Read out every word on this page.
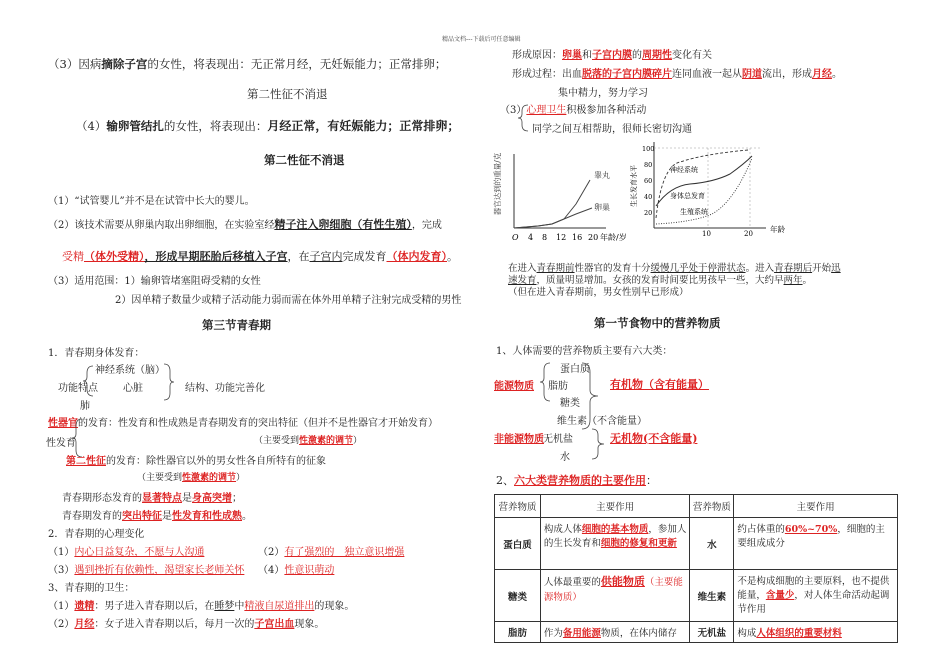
精品文档---下载后可任意编辑
（3）因病摘除子宫的女性，将表现出：无正常月经，无妊娠能力；正常排卵；
第二性征不消退
（4）输卵管结扎的女性，将表现出：月经正常，有妊娠能力；正常排卵；
第二性征不消退
（1）“试管婴儿”并不是在试管中长大的婴儿。
（2）该技术需要从卵巢内取出卵细胞，在实验室经精子注入卵细胞（有性生殖），完成
受精（体外受精），形成早期胚胎后移植入子宫，在子宫内完成发育（体内发育）。
（3）适用范围：1）输卵管堵塞阻碍受精的女性
2）因单精子数量少或精子活动能力弱而需在体外用单精子注射完成受精的男性
第三节青春期
1．青春期身体发育：
神经系统（脑）
功能特点	心脏	结构、功能完善化
肺
性器官的发育：性发育和性成熟是青春期发育的突出特征（但并不是性器官才开始发育）
性发育	（主要受到性激素的调节）
第二性征的发育：除性器官以外的男女性各自所特有的征象
（主要受到性激素的调节）
青春期形态发育的显著特点是身高突增；
青春期发育的突出特征是性发育和性成熟。
2．青春期的心理变化
（1）内心日益复杂，不愿与人沟通	（2）有了强烈的　独立意识增强
（3）遇到挫折有依赖性，渴望家长老师关怀 （4）性意识萌动
3、青春期的卫生：
（1）遗精：男子进入青春期以后，在睡梦中精液自尿道排出的现象。
（2）月经：女子进入青春期以后，每月一次的子宫出血现象。
形成原因：卵巢和子宫内膜的周期性变化有关
形成过程：出血脱落的子宫内膜碎片连同血液一起从阴道流出，形成月经。
集中精力，努力学习
（3）心理卫生积极参加各种活动
同学之间互相帮助，很师长密切沟通
器官达到的重量/克	睾丸
卵巢
O 4 8 12 16 20 年龄/岁
生长发育水平
100
80
60
40
20
神经系统
身体总发育
生殖系统
10	20 年龄
在进入青春期前性器官的发育十分缓慢几乎处于停滞状态。进入青春期后开始迅
速发育，质量明显增加。女孩的发育时间要比男孩早一些，大约早两年。
（但在进入青春期前，男女性别早已形成）
第一节食物中的营养物质
1、人体需要的营养物质主要有六大类：
蛋白质
脂肪
糖类
维生素（不含能量）
无机盐
水
能源物质
非能源物质
有机物（含有能量）
无机物(不含能量)
2、六大类营养物质的主要作用：
营养物质	主要作用	营养物质	主要作用
蛋白质	构成人体细胞的基本物质，参加人的生长发育和细胞的修复和更新	水	约占体重的60%~70%，细胞的主要组成成分
糖类	人体最重要的供能物质（主要能源物质）	维生素	不是构成细胞的主要原料，也不提供能量，含量少，对人体生命活动起调节作用
脂肪	作为备用能源物质，在体内储存	无机盐	构成人体组织的重要材料
